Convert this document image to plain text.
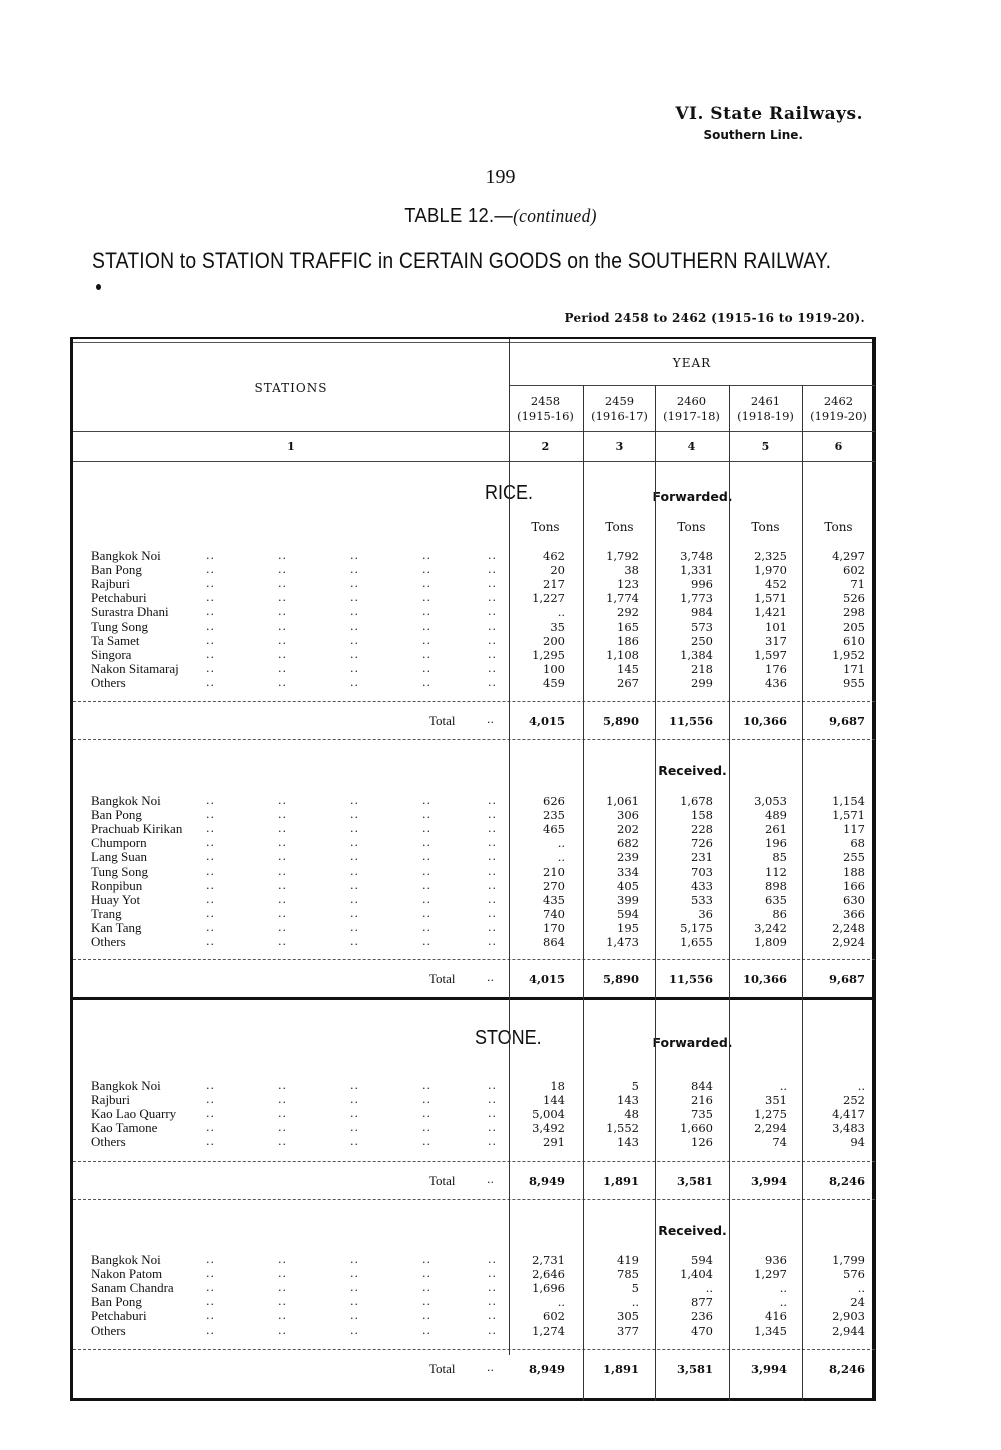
VI. State Railways.
Southern Line.
199
TABLE 12.—(continued)
STATION to STATION TRAFFIC in CERTAIN GOODS on the SOUTHERN RAILWAY.
Period 2458 to 2462 (1915-16 to 1919-20).
STATIONS
YEAR
2458
(1915-16)
2459
(1916-17)
2460
(1917-18)
2461
(1918-19)
2462
(1919-20)
1	2	3	4	5	6
RICE.	Forwarded.
Tons	Tons	Tons	Tons	Tons
Bangkok Noi	..	..	..	..	..	462	1,792	3,748	2,325	4,297
Ban Pong	..	..	..	..	..	20	38	1,331	1,970	602
Rajburi	..	..	..	..	..	217	123	996	452	71
Petchaburi	..	..	..	..	..	1,227	1,774	1,773	1,571	526
Surastra Dhani	..	..	..	..	..	..	292	984	1,421	298
Tung Song	..	..	..	..	..	35	165	573	101	205
Ta Samet	..	..	..	..	..	200	186	250	317	610
Singora	..	..	..	..	..	1,295	1,108	1,384	1,597	1,952
Nakon Sitamaraj ..	..	..	..	..	100	145	218	176	171
Others	..	..	..	..	..	459	267	299	436	955
Total	..	4,015	5,890	11,556	10,366	9,687
Received.
Bangkok Noi	..	..	..	..	..	626	1,061	1,678	3,053	1,154
Ban Pong	..	..	..	..	..	235	306	158	489	1,571
Prachuab Kirikan ..	..	..	..	..	465	202	228	261	117
Chumporn	..	..	..	..	..	..	682	726	196	68
Lang Suan	..	..	..	..	..	..	239	231	85	255
Tung Song	..	..	..	..	..	210	334	703	112	188
Ronpibun	..	..	..	..	..	270	405	433	898	166
Huay Yot	..	..	..	..	..	435	399	533	635	630
Trang	..	..	..	..	..	740	594	36	86	366
Kan Tang	..	..	..	..	..	170	195	5,175	3,242	2,248
Others	..	..	..	..	..	864	1,473	1,655	1,809	2,924
Total	..	4,015	5,890	11,556	10,366	9,687
STONE.	Forwarded.
Bangkok Noi	..	..	..	..	..	18	5	844	..	..
Rajburi	..	..	..	..	..	144	143	216	351	252
Kao Lao Quarry	..	..	..	..	..	5,004	48	735	1,275	4,417
Kao Tamone	..	..	..	..	..	3,492	1,552	1,660	2,294	3,483
Others	..	..	..	..	..	291	143	126	74	94
Total	..	8,949	1,891	3,581	3,994	8,246
Received.
Bangkok Noi	..	..	..	..	..	2,731	419	594	936	1,799
Nakon Patom	..	..	..	..	..	2,646	785	1,404	1,297	576
Sanam Chandra	..	..	..	..	..	1,696	5	..	..	..
Ban Pong	..	..	..	..	..	..	..	877	..	24
Petchaburi	..	..	..	..	..	602	305	236	416	2,903
Others	..	..	..	..	..	1,274	377	470	1,345	2,944
Total	..	8,949	1,891	3,581	3,994	8,246
